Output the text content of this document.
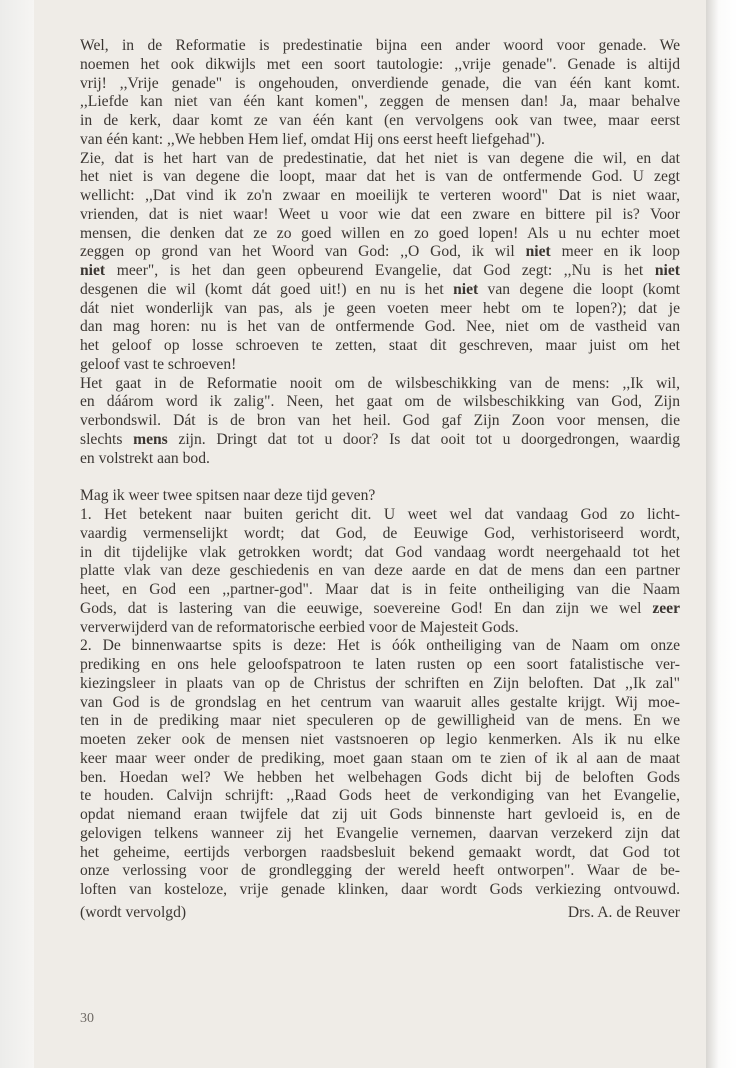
Wel, in de Reformatie is predestinatie bijna een ander woord voor genade. We
noemen het ook dikwijls met een soort tautologie: ,,vrije genade". Genade is altijd
vrij! ,,Vrije genade" is ongehouden, onverdiende genade, die van één kant komt.
,,Liefde kan niet van één kant komen", zeggen de mensen dan! Ja, maar behalve
in de kerk, daar komt ze van één kant (en vervolgens ook van twee, maar eerst
van één kant: ,,We hebben Hem lief, omdat Hij ons eerst heeft liefgehad").

Zie, dat is het hart van de predestinatie, dat het niet is van degene die wil, en dat
het niet is van degene die loopt, maar dat het is van de ontfermende God. U zegt
wellicht: ,,Dat vind ik zo'n zwaar en moeilijk te verteren woord" Dat is niet waar,
vrienden, dat is niet waar! Weet u voor wie dat een zware en bittere pil is? Voor
mensen, die denken dat ze zo goed willen en zo goed lopen! Als u nu echter moet
zeggen op grond van het Woord van God: ,,O God, ik wil niet meer en ik loop
niet meer", is het dan geen opbeurend Evangelie, dat God zegt: ,,Nu is het niet
desgenen die wil (komt dát goed uit!) en nu is het niet van degene die loopt (komt
dát niet wonderlijk van pas, als je geen voeten meer hebt om te lopen?); dat je
dan mag horen: nu is het van de ontfermende God. Nee, niet om de vastheid van
het geloof op losse schroeven te zetten, staat dit geschreven, maar juist om het
geloof vast te schroeven!

Het gaat in de Reformatie nooit om de wilsbeschikking van de mens: ,,Ik wil,
en dáárom word ik zalig". Neen, het gaat om de wilsbeschikking van God, Zijn
verbondswil. Dát is de bron van het heil. God gaf Zijn Zoon voor mensen, die
slechts mens zijn. Dringt dat tot u door? Is dat ooit tot u doorgedrongen, waardig
en volstrekt aan bod.

Mag ik weer twee spitsen naar deze tijd geven?

1. Het betekent naar buiten gericht dit. U weet wel dat vandaag God zo licht-
vaardig vermenselijkt wordt; dat God, de Eeuwige God, verhistoriseerd wordt,
in dit tijdelijke vlak getrokken wordt; dat God vandaag wordt neergehaald tot het
platte vlak van deze geschiedenis en van deze aarde en dat de mens dan een partner
heet, en God een ,,partner-god". Maar dat is in feite ontheiliging van die Naam
Gods, dat is lastering van die eeuwige, soevereine God! En dan zijn we wel zeer
ververwijderd van de reformatorische eerbied voor de Majesteit Gods.

2. De binnenwaartse spits is deze: Het is óók ontheiliging van de Naam om onze
prediking en ons hele geloofspatroon te laten rusten op een soort fatalistische ver-
kiezingsleer in plaats van op de Christus der schriften en Zijn beloften. Dat ,,Ik zal"
van God is de grondslag en het centrum van waaruit alles gestalte krijgt. Wij moe-
ten in de prediking maar niet speculeren op de gewilligheid van de mens. En we
moeten zeker ook de mensen niet vastsnoeren op legio kenmerken. Als ik nu elke
keer maar weer onder de prediking, moet gaan staan om te zien of ik al aan de maat
ben. Hoedan wel? We hebben het welbehagen Gods dicht bij de beloften Gods
te houden. Calvijn schrijft: ,,Raad Gods heet de verkondiging van het Evangelie,
opdat niemand eraan twijfele dat zij uit Gods binnenste hart gevloeid is, en de
gelovigen telkens wanneer zij het Evangelie vernemen, daarvan verzekerd zijn dat
het geheime, eertijds verborgen raadsbesluit bekend gemaakt wordt, dat God tot
onze verlossing voor de grondlegging der wereld heeft ontworpen". Waar de be-
loften van kosteloze, vrije genade klinken, daar wordt Gods verkiezing ontvouwd.

(wordt vervolgd)	Drs. A. de Reuver
30
